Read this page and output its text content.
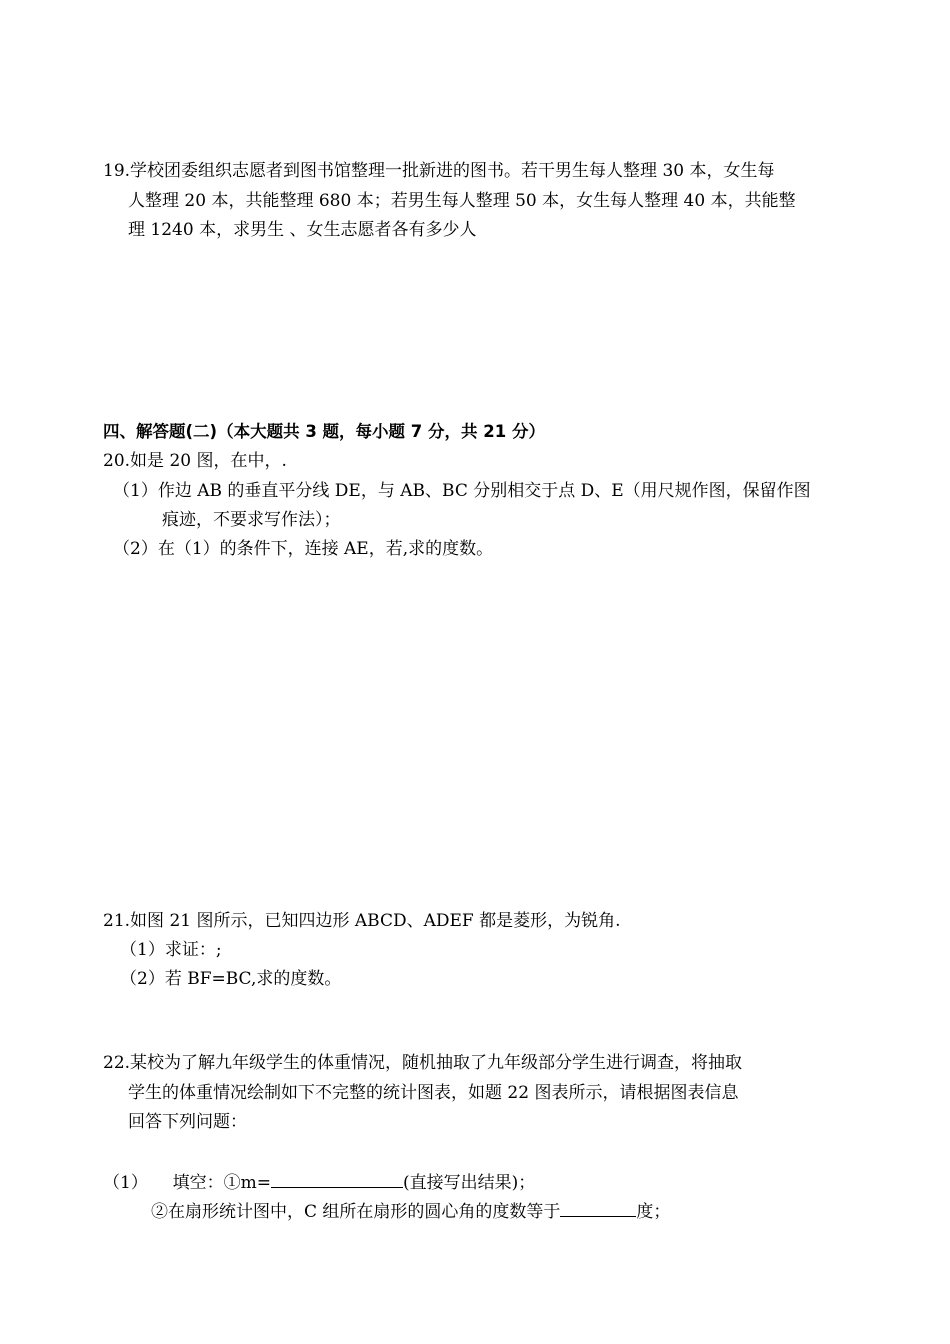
19.学校团委组织志愿者到图书馆整理一批新进的图书。若干男生每人整理 30 本，女生每
人整理 20 本，共能整理 680 本；若男生每人整理 50 本，女生每人整理 40 本，共能整
理 1240 本，求男生 、女生志愿者各有多少人
四、解答题(二)（本大题共 3 题，每小题 7 分，共 21 分）
20.如是 20 图，在中，.
（1）作边 AB 的垂直平分线 DE，与 AB、BC 分别相交于点 D、E（用尺规作图，保留作图
痕迹，不要求写作法）；
（2）在（1）的条件下，连接 AE，若,求的度数。
21.如图 21 图所示，已知四边形 ABCD、ADEF 都是菱形，为锐角.
（1）求证：;
（2）若 BF=BC,求的度数。
22.某校为了解九年级学生的体重情况，随机抽取了九年级部分学生进行调查，将抽取
学生的体重情况绘制如下不完整的统计图表，如题 22 图表所示，请根据图表信息
回答下列问题：
（1） 填空：①m=	(直接写出结果)；
②在扇形统计图中，C 组所在扇形的圆心角的度数等于	度；
